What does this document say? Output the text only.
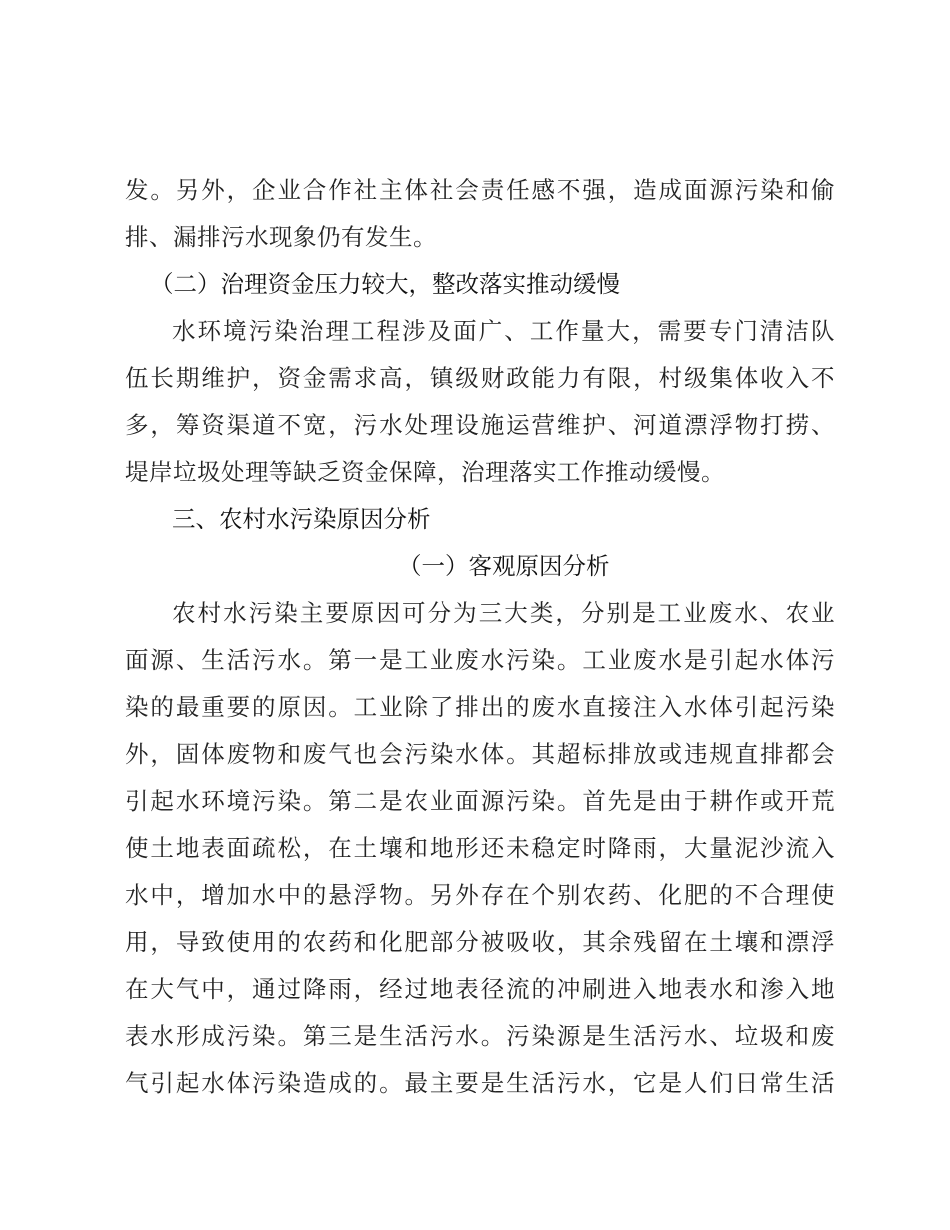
发。另外，企业合作社主体社会责任感不强，造成面源污染和偷
排、漏排污水现象仍有发生。
（二）治理资金压力较大，整改落实推动缓慢
水环境污染治理工程涉及面广、工作量大，需要专门清洁队
伍长期维护，资金需求高，镇级财政能力有限，村级集体收入不
多，筹资渠道不宽，污水处理设施运营维护、河道漂浮物打捞、
堤岸垃圾处理等缺乏资金保障，治理落实工作推动缓慢。
三、农村水污染原因分析
（一）客观原因分析
农村水污染主要原因可分为三大类，分别是工业废水、农业
面源、生活污水。第一是工业废水污染。工业废水是引起水体污
染的最重要的原因。工业除了排出的废水直接注入水体引起污染
外，固体废物和废气也会污染水体。其超标排放或违规直排都会
引起水环境污染。第二是农业面源污染。首先是由于耕作或开荒
使土地表面疏松，在土壤和地形还未稳定时降雨，大量泥沙流入
水中，增加水中的悬浮物。另外存在个别农药、化肥的不合理使
用，导致使用的农药和化肥部分被吸收，其余残留在土壤和漂浮
在大气中，通过降雨，经过地表径流的冲刷进入地表水和渗入地
表水形成污染。第三是生活污水。污染源是生活污水、垃圾和废
气引起水体污染造成的。最主要是生活污水，它是人们日常生活
